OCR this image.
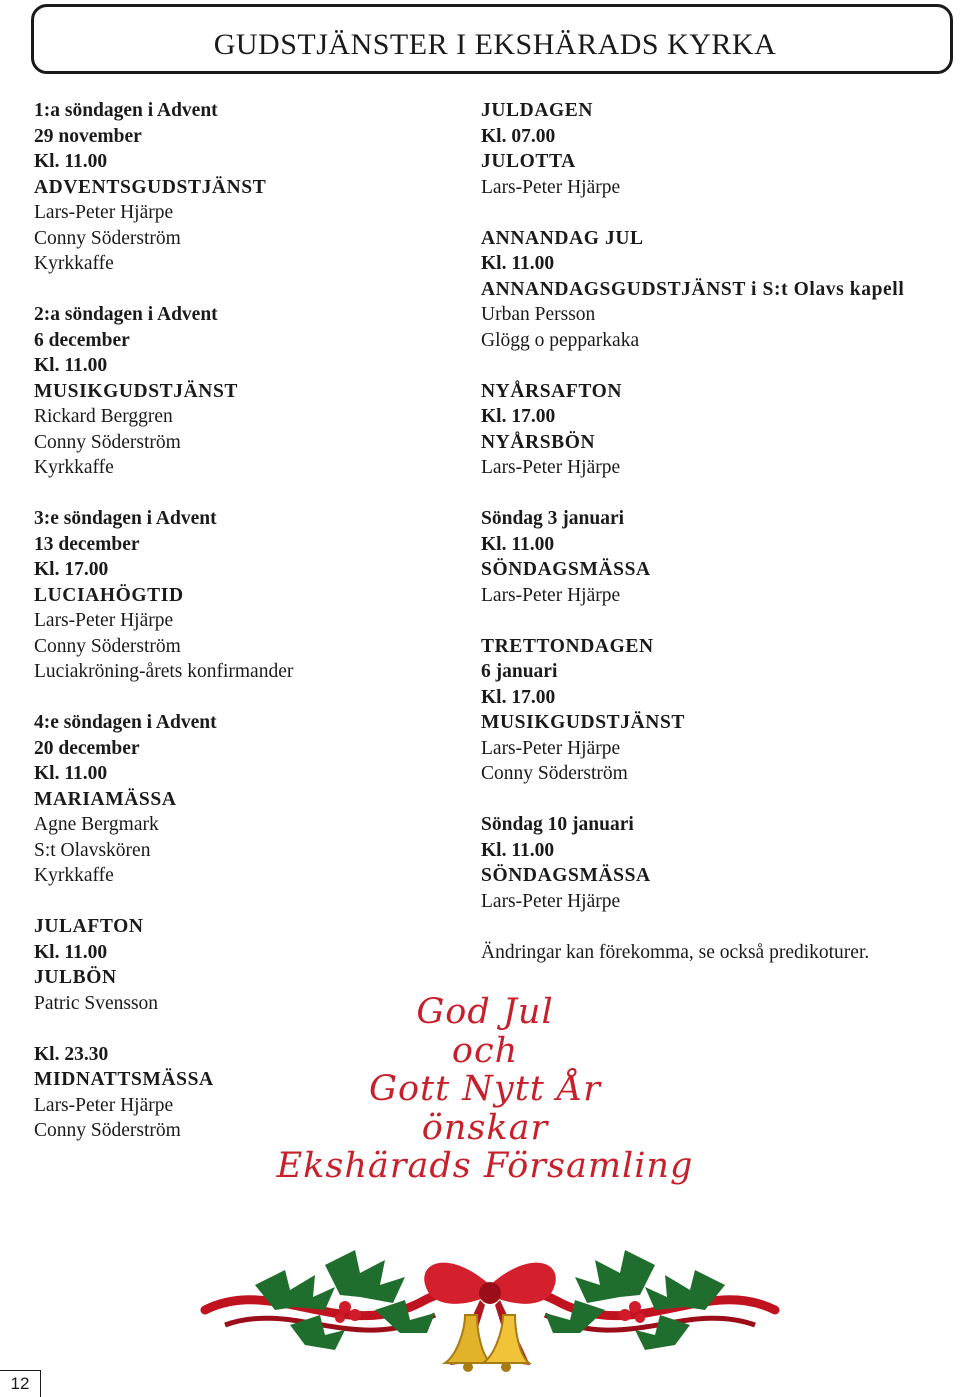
GUDSTJÄNSTER I EKSHÄRADS KYRKA
1:a söndagen i Advent
29 november
Kl. 11.00
ADVENTSGUDSTJÄNST
Lars-Peter Hjärpe
Conny Söderström
Kyrkkaffe
2:a söndagen i Advent
6 december
Kl. 11.00
MUSIKGUDSTJÄNST
Rickard Berggren
Conny Söderström
Kyrkkaffe
3:e söndagen i Advent
13 december
Kl. 17.00
LUCIAHÖGTID
Lars-Peter Hjärpe
Conny Söderström
Luciakröning-årets konfirmander
4:e söndagen i Advent
20 december
Kl. 11.00
MARIAMÄSSA
Agne Bergmark
S:t Olavskören
Kyrkkaffe
JULAFTON
Kl. 11.00
JULBÖN
Patric Svensson
Kl. 23.30
MIDNATTSMÄSSA
Lars-Peter Hjärpe
Conny Söderström
JULDAGEN
Kl. 07.00
JULOTTA
Lars-Peter Hjärpe
ANNANDAG JUL
Kl. 11.00
ANNANDAGSGUDSTJÄNST i S:t Olavs kapell
Urban Persson
Glögg o pepparkaka
NYÅRSAFTON
Kl. 17.00
NYÅRSBÖN
Lars-Peter Hjärpe
Söndag 3 januari
Kl. 11.00
SÖNDAGSMÄSSA
Lars-Peter Hjärpe
TRETTONDAGEN
6 januari
Kl. 17.00
MUSIKGUDSTJÄNST
Lars-Peter Hjärpe
Conny Söderström
Söndag 10 januari
Kl. 11.00
SÖNDAGSMÄSSA
Lars-Peter Hjärpe
Ändringar kan förekomma, se också predikoturer.
God Jul
och
Gott Nytt År
önskar
Ekshärads Församling
12
